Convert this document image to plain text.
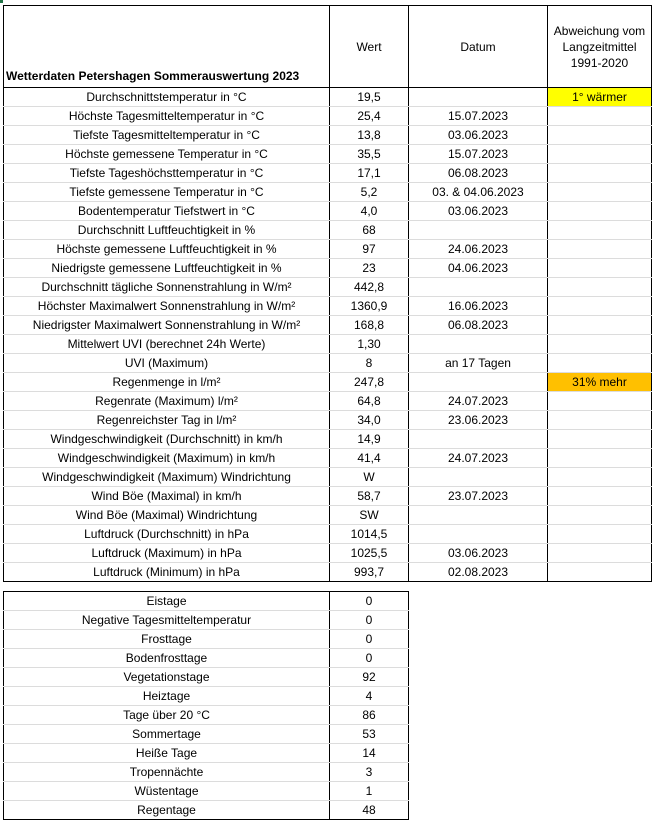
Wetterdaten Petershagen Sommerauswertung 2023	Wert	Datum	Abweichung vom Langzeitmittel 1991-2020
Durchschnittstemperatur in °C	19,5		1° wärmer
Höchste Tagesmitteltemperatur in °C	25,4	15.07.2023	
Tiefste Tagesmitteltemperatur in °C	13,8	03.06.2023	
Höchste gemessene Temperatur in °C	35,5	15.07.2023	
Tiefste Tageshöchsttemperatur in °C	17,1	06.08.2023	
Tiefste gemessene Temperatur in °C	5,2	03. & 04.06.2023	
Bodentemperatur Tiefstwert in °C	4,0	03.06.2023	
Durchschnitt Luftfeuchtigkeit in %	68		
Höchste gemessene Luftfeuchtigkeit in %	97	24.06.2023	
Niedrigste gemessene Luftfeuchtigkeit in %	23	04.06.2023	
Durchschnitt tägliche Sonnenstrahlung in W/m²	442,8		
Höchster Maximalwert Sonnenstrahlung in W/m²	1360,9	16.06.2023	
Niedrigster Maximalwert Sonnenstrahlung in W/m²	168,8	06.08.2023	
Mittelwert UVI (berechnet 24h Werte)	1,30		
UVI (Maximum)	8	an 17 Tagen	
Regenmenge in l/m²	247,8		31% mehr
Regenrate (Maximum) l/m²	64,8	24.07.2023	
Regenreichster Tag in l/m²	34,0	23.06.2023	
Windgeschwindigkeit (Durchschnitt) in km/h	14,9		
Windgeschwindigkeit (Maximum) in km/h	41,4	24.07.2023	
Windgeschwindigkeit (Maximum) Windrichtung	W		
Wind Böe (Maximal) in km/h	58,7	23.07.2023	
Wind Böe (Maximal) Windrichtung	SW		
Luftdruck (Durchschnitt) in hPa	1014,5		
Luftdruck (Maximum) in hPa	1025,5	03.06.2023	
Luftdruck (Minimum) in hPa	993,7	02.08.2023	
Eistage	0
Negative Tagesmitteltemperatur	0
Frosttage	0
Bodenfrosttage	0
Vegetationstage	92
Heiztage	4
Tage über 20 °C	86
Sommertage	53
Heiße Tage	14
Tropennächte	3
Wüstentage	1
Regentage	48
